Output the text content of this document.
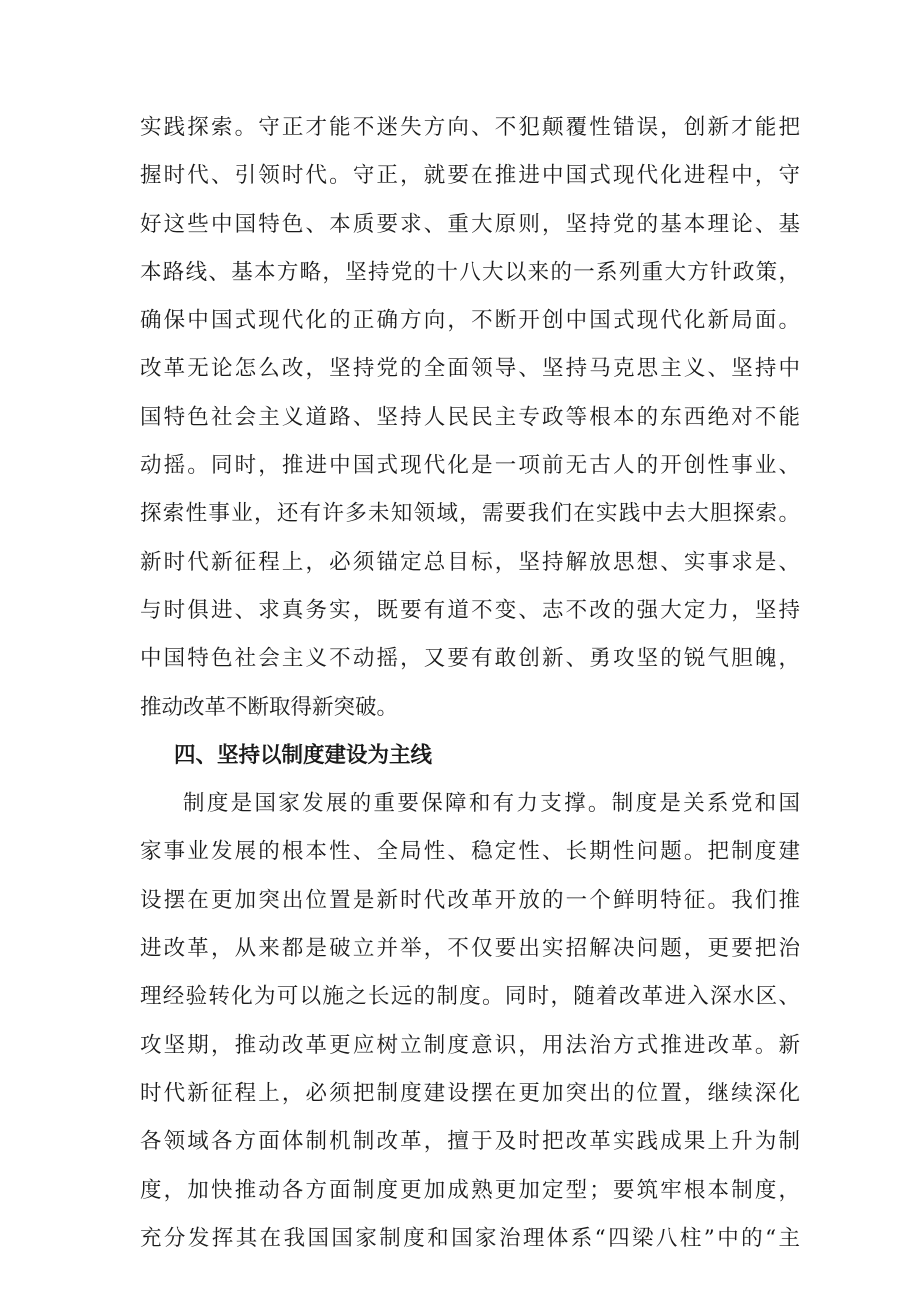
实践探索。守正才能不迷失方向、不犯颠覆性错误，创新才能把
握时代、引领时代。守正，就要在推进中国式现代化进程中，守
好这些中国特色、本质要求、重大原则，坚持党的基本理论、基
本路线、基本方略，坚持党的十八大以来的一系列重大方针政策，
确保中国式现代化的正确方向，不断开创中国式现代化新局面。
改革无论怎么改，坚持党的全面领导、坚持马克思主义、坚持中
国特色社会主义道路、坚持人民民主专政等根本的东西绝对不能
动摇。同时，推进中国式现代化是一项前无古人的开创性事业、
探索性事业，还有许多未知领域，需要我们在实践中去大胆探索。
新时代新征程上，必须锚定总目标，坚持解放思想、实事求是、
与时俱进、求真务实，既要有道不变、志不改的强大定力，坚持
中国特色社会主义不动摇，又要有敢创新、勇攻坚的锐气胆魄，
推动改革不断取得新突破。
四、坚持以制度建设为主线
制度是国家发展的重要保障和有力支撑。制度是关系党和国
家事业发展的根本性、全局性、稳定性、长期性问题。把制度建
设摆在更加突出位置是新时代改革开放的一个鲜明特征。我们推
进改革，从来都是破立并举，不仅要出实招解决问题，更要把治
理经验转化为可以施之长远的制度。同时，随着改革进入深水区、
攻坚期，推动改革更应树立制度意识，用法治方式推进改革。新
时代新征程上，必须把制度建设摆在更加突出的位置，继续深化
各领域各方面体制机制改革，擅于及时把改革实践成果上升为制
度，加快推动各方面制度更加成熟更加定型；要筑牢根本制度，
充分发挥其在我国国家制度和国家治理体系“四梁八柱”中的“主
